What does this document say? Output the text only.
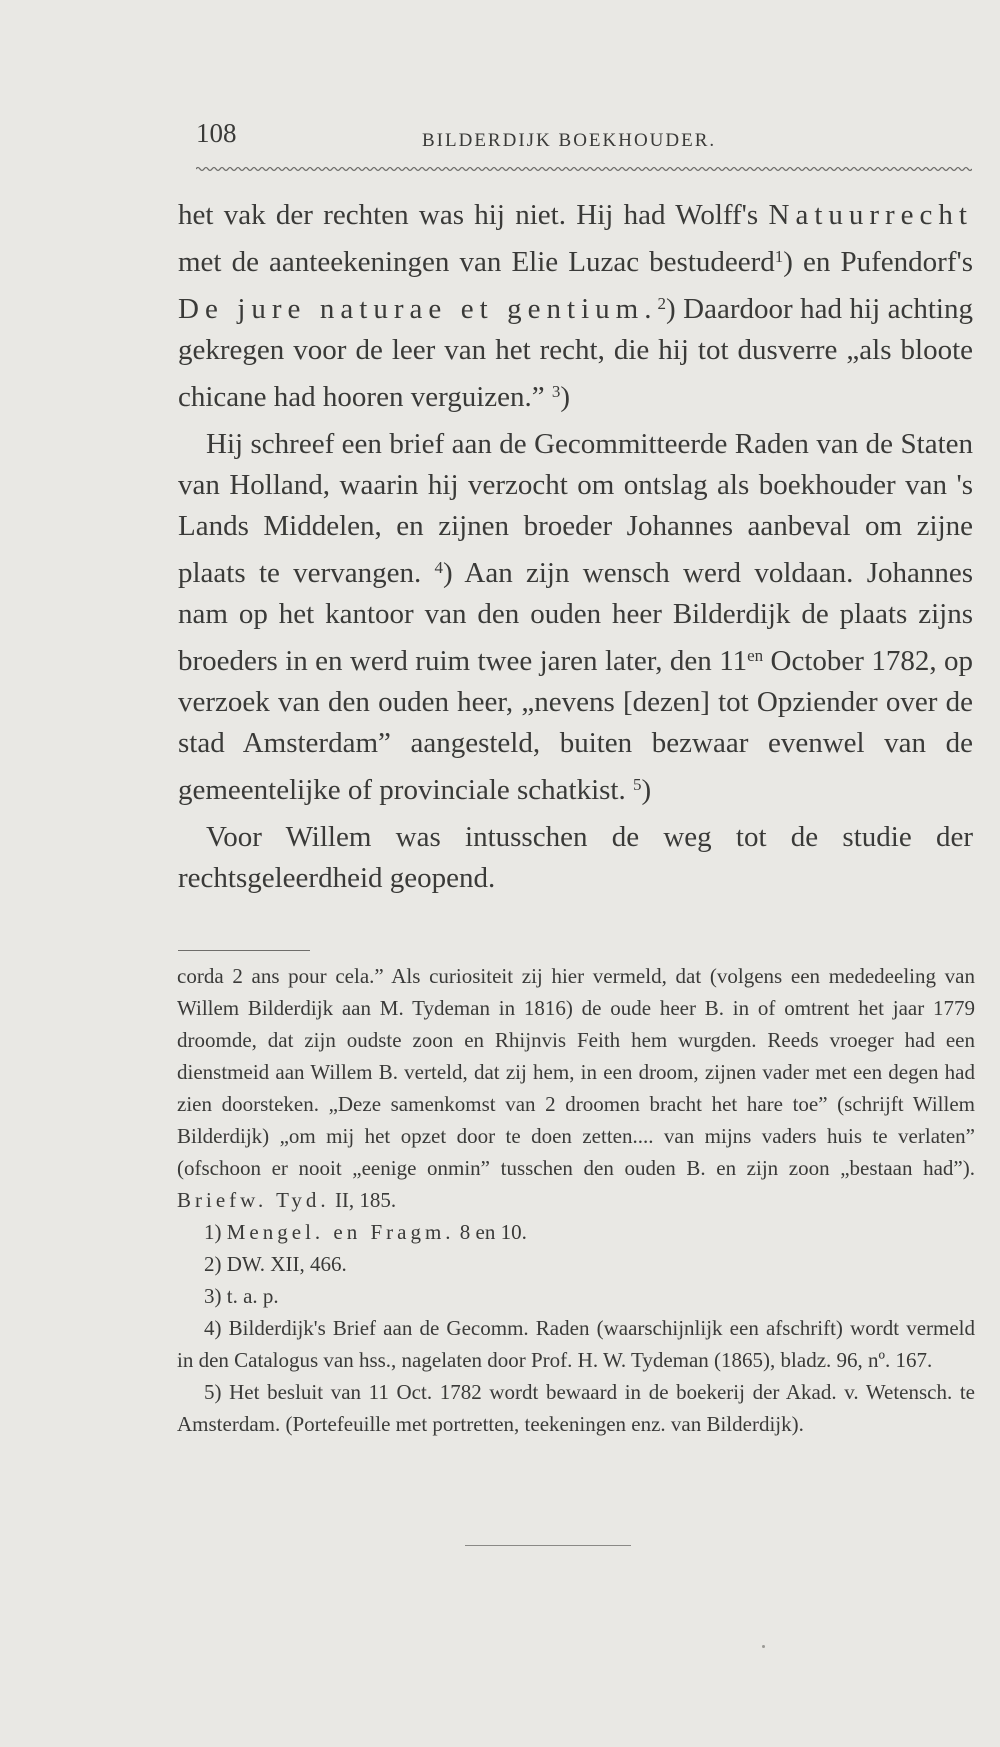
108	BILDERDIJK BOEKHOUDER.

het vak der rechten was hij niet. Hij had Wolff's Natuurrecht met de aanteekeningen van Elie Luzac bestudeerd$^1$) en Pufendorf's De jure naturae et gentium.$^2$) Daardoor had hij achting gekregen voor de leer van het recht, die hij tot dusverre „als bloote chicane had hooren verguizen.” $^3$)

Hij schreef een brief aan de Gecommitteerde Raden van de Staten van Holland, waarin hij verzocht om ontslag als boekhouder van 's Lands Middelen, en zijnen broeder Johannes aanbeval om zijne plaats te vervangen. $^4$) Aan zijn wensch werd voldaan. Johannes nam op het kantoor van den ouden heer Bilderdijk de plaats zijns broeders in en werd ruim twee jaren later, den $11^{en}$ October 1782, op verzoek van den ouden heer, „nevens [dezen] tot Opziender over de stad Amsterdam” aangesteld, buiten bezwaar evenwel van de gemeentelijke of provinciale schatkist. $^5$)

Voor Willem was intusschen de weg tot de studie der rechtsgeleerdheid geopend.

corda 2 ans pour cela.” Als curiositeit zij hier vermeld, dat (volgens een mededeeling van Willem Bilderdijk aan M. Tydeman in 1816) de oude heer B. in of omtrent het jaar 1779 droomde, dat zijn oudste zoon en Rhijnvis Feith hem wurgden. Reeds vroeger had een dienstmeid aan Willem B. verteld, dat zij hem, in een droom, zijnen vader met een degen had zien doorsteken. „Deze samenkomst van 2 droomen bracht het hare toe” (schrijft Willem Bilderdijk) „om mij het opzet door te doen zetten.... van mijns vaders huis te verlaten” (ofschoon er nooit „eenige onmin” tusschen den ouden B. en zijn zoon „bestaan had”). Briefw. Tyd. II, 185.

1) Mengel. en Fragm. 8 en 10.

2) DW. XII, 466.

3) t. a. p.

4) Bilderdijk's Brief aan de Gecomm. Raden (waarschijnlijk een afschrift) wordt vermeld in den Catalogus van hss., nagelaten door Prof. H. W. Tydeman (1865), bladz. 96, nº. 167.

5) Het besluit van 11 Oct. 1782 wordt bewaard in de boekerij der Akad. v. Wetensch. te Amsterdam. (Portefeuille met portretten, teekeningen enz. van Bilderdijk).
